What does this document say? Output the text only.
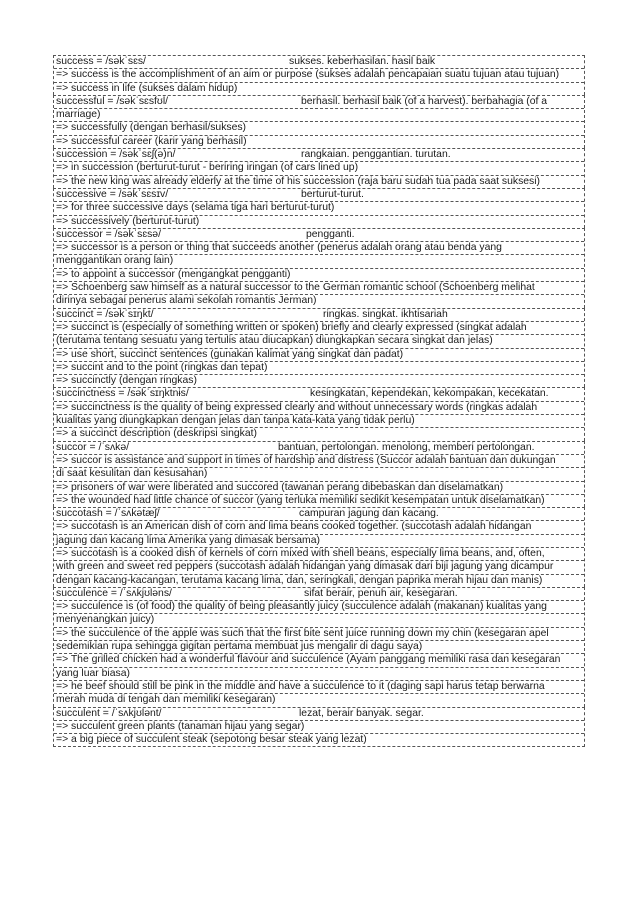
success = /səkˈsɛs/	sukses. keberhasilan. hasil baik
=> success is the accomplishment of an aim or purpose (sukses adalah pencapaian suatu tujuan atau tujuan)
=> success in life (sukses dalam hidup)
successful = /səkˈsɛsfʊl/	berhasil. berhasil baik (of a harvest). berbahagia (of a
marriage)
=> successfully (dengan berhasil/sukses)
=> successful career (karir yang berhasil)
succession = /səkˈsɛʃ(ə)n/	rangkaian. penggantian. turutan.
=> in succession (berturut-turut - beriring iringan (of cars lined up)
=> the new king was already elderly at the time of his succession (raja baru sudah tua pada saat suksesi)
successive = /səkˈsɛsɪv/	berturut-turut.
=> for three successive days (selama tiga hari berturut-turut)
=> successively (berturut-turut)
successor = /səkˈsɛsə/	pengganti.
=> successor is a person or thing that succeeds another (penerus adalah orang atau benda yang
menggantikan orang lain)
=> to appoint a successor (mengangkat pengganti)
=> Schoenberg saw himself as a natural successor to the German romantic school (Schoenberg melihat
dirinya sebagai penerus alami sekolah romantis Jerman)
succinct = /səkˈsɪŋkt/	ringkas. singkat. ikhtisariah
=> succinct is (especially of something written or spoken) briefly and clearly expressed (singkat adalah
(terutama tentang sesuatu yang tertulis atau diucapkan) diungkapkan secara singkat dan jelas)
=> use short, succinct sentences (gunakan kalimat yang singkat dan padat)
=> succint and to the point (ringkas dan tepat)
=> succinctly (dengan ringkas)
succinctness = /səkˈsɪŋktnɨs/	kesingkatan, kependekan, kekompakan, kecekatan.
=> succinctness is the quality of being expressed clearly and without unnecessary words (ringkas adalah
kualitas yang diungkapkan dengan jelas dan tanpa kata-kata yang tidak perlu)
=> a succinct description (deskripsi singkat)
succor = /ˈsʌkə/	bantuan, pertolongan. menolong, memberi pertolongan.
=> succor is assistance and support in times of hardship and distress (Succor adalah bantuan dan dukungan
di saat kesulitan dan kesusahan)
=> prisoners of war were liberated and succored (tawanan perang dibebaskan dan diselamatkan)
=> the wounded had little chance of succor (yang terluka memiliki sedikit kesempatan untuk diselamatkan)
succotash = /ˈsʌkətæʃ/	campuran jagung dan kacang.
=> succotash is an American dish of corn and lima beans cooked together. (succotash adalah hidangan
jagung dan kacang lima Amerika yang dimasak bersama)
=> succotash is a cooked dish of kernels of corn mixed with shell beans, especially lima beans, and, often,
with green and sweet red peppers (succotash adalah hidangan yang dimasak dari biji jagung yang dicampur
dengan kacang-kacangan, terutama kacang lima, dan, seringkali, dengan paprika merah hijau dan manis)
succulence = /ˈsʌkjʊləns/	sifat berair, penuh air, kesegaran.
=> succulence is (of food) the quality of being pleasantly juicy (succulence adalah (makanan) kualitas yang
menyenangkan juicy)
=> the succulence of the apple was such that the first bite sent juice running down my chin (kesegaran apel
sedemikian rupa sehingga gigitan pertama membuat jus mengalir di dagu saya)
=> The grilled chicken had a wonderful flavour and succulence (Ayam panggang memiliki rasa dan kesegaran
yang luar biasa)
=> he beef should still be pink in the middle and have a succulence to it (daging sapi harus tetap berwarna
merah muda di tengah dan memiliki kesegaran)
succulent = /ˈsʌkjʊlənt/	lezat, berair banyak. segar.
=> succulent green plants (tanaman hijau yang segar)
=> a big piece of succulent steak (sepotong besar steak yang lezat)
